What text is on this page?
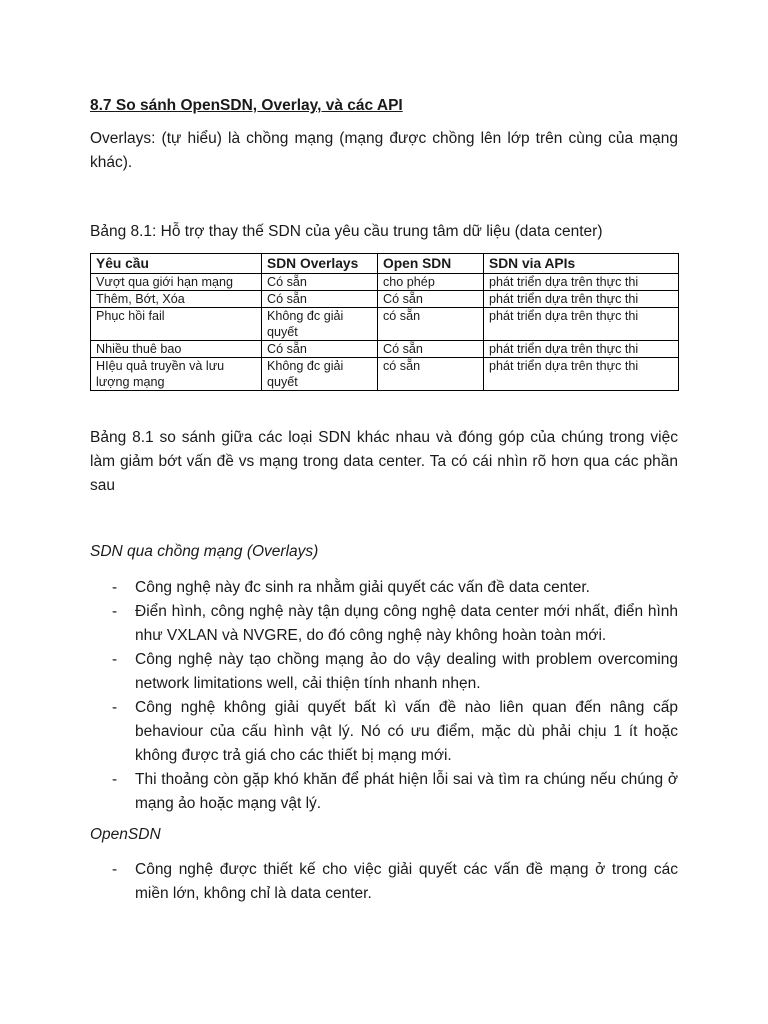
8.7 So sánh OpenSDN, Overlay, và các API
Overlays: (tự hiểu) là chồng mạng (mạng được chồng lên lớp trên cùng của mạng khác).
Bảng 8.1: Hỗ trợ thay thế SDN của yêu cầu trung tâm dữ liệu (data center)
Yêu cầu	SDN Overlays	Open SDN	SDN via APIs
Vượt qua giới hạn mạng	Có sẵn	cho phép	phát triển dựa trên thực thi
Thêm, Bớt, Xóa	Có sẵn	Có sẵn	phát triển dựa trên thực thi
Phục hồi fail	Không đc giải quyết	có sẵn	phát triển dựa trên thực thi
Nhiều thuê bao	Có sẵn	Có sẵn	phát triển dựa trên thực thi
HIệu quả truyền và lưu lượng mạng	Không đc giải quyết	có sẵn	phát triển dựa trên thực thi
Bảng 8.1 so sánh giữa các loại SDN khác nhau và đóng góp của chúng trong việc làm giảm bớt vấn đề vs mạng trong data center. Ta có cái nhìn rõ hơn qua các phần sau
SDN qua chồng mạng (Overlays)
- Công nghệ này đc sinh ra nhằm giải quyết các vấn đề data center.
- Điển hình, công nghệ này tận dụng công nghệ data center mới nhất, điển hình như VXLAN và NVGRE, do đó công nghệ này không hoàn toàn mới.
- Công nghệ này tạo chồng mạng ảo do vậy dealing with problem overcoming network limitations well, cải thiện tính nhanh nhẹn.
- Công nghệ không giải quyết bất kì vấn đề nào liên quan đến nâng cấp behaviour của cấu hình vật lý. Nó có ưu điểm, mặc dù phải chịu 1 ít hoặc không được trả giá cho các thiết bị mạng mới.
- Thi thoảng còn gặp khó khăn để phát hiện lỗi sai và tìm ra chúng nếu chúng ở mạng ảo hoặc mạng vật lý.
OpenSDN
- Công nghệ được thiết kế cho việc giải quyết các vấn đề mạng ở trong các miền lớn, không chỉ là data center.
